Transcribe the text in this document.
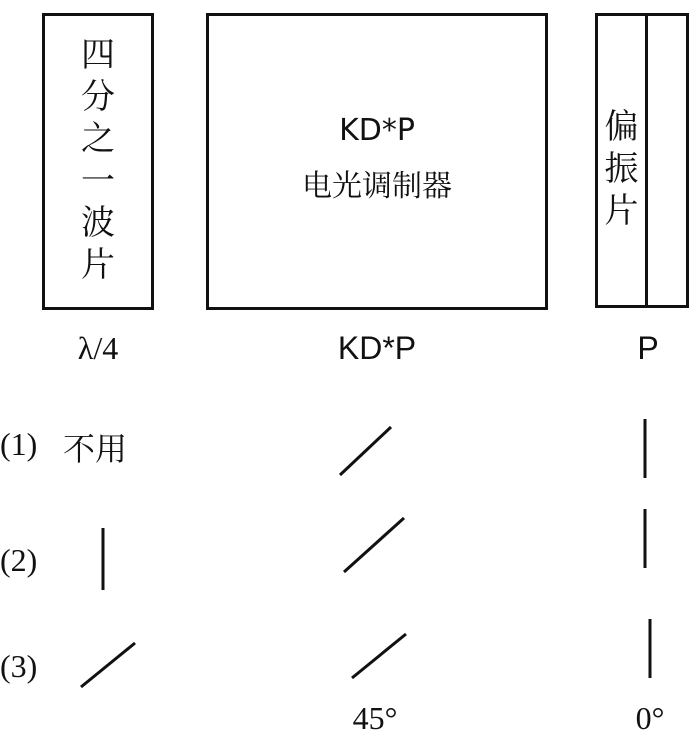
四
分
之
一
波
片
KD*P
电光调制器
偏
振
片
λ/4	KD*P	P
(1) 不用
(2)
(3)
45°	0°
